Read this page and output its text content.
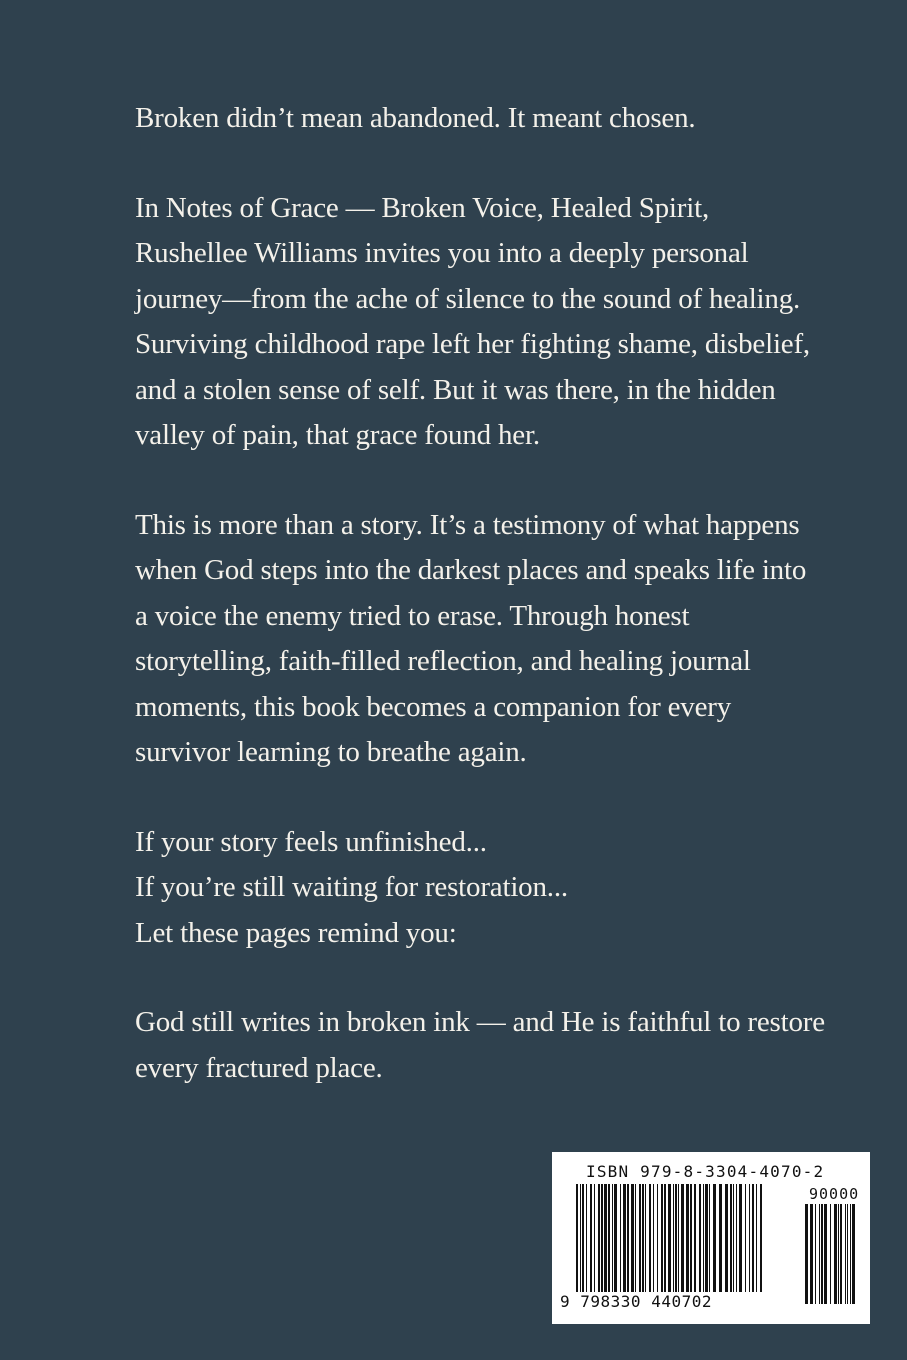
Broken didn’t mean abandoned. It meant chosen.

In Notes of Grace — Broken Voice, Healed Spirit, Rushellee Williams invites you into a deeply personal journey—from the ache of silence to the sound of healing. Surviving childhood rape left her fighting shame, disbelief, and a stolen sense of self. But it was there, in the hidden valley of pain, that grace found her.

This is more than a story. It’s a testimony of what happens when God steps into the darkest places and speaks life into a voice the enemy tried to erase. Through honest storytelling, faith-filled reflection, and healing journal moments, this book becomes a companion for every survivor learning to breathe again.

If your story feels unfinished...
If you’re still waiting for restoration...
Let these pages remind you:

God still writes in broken ink — and He is faithful to restore every fractured place.

ISBN 979-8-3304-4070-2
90000
9 798330 440702
